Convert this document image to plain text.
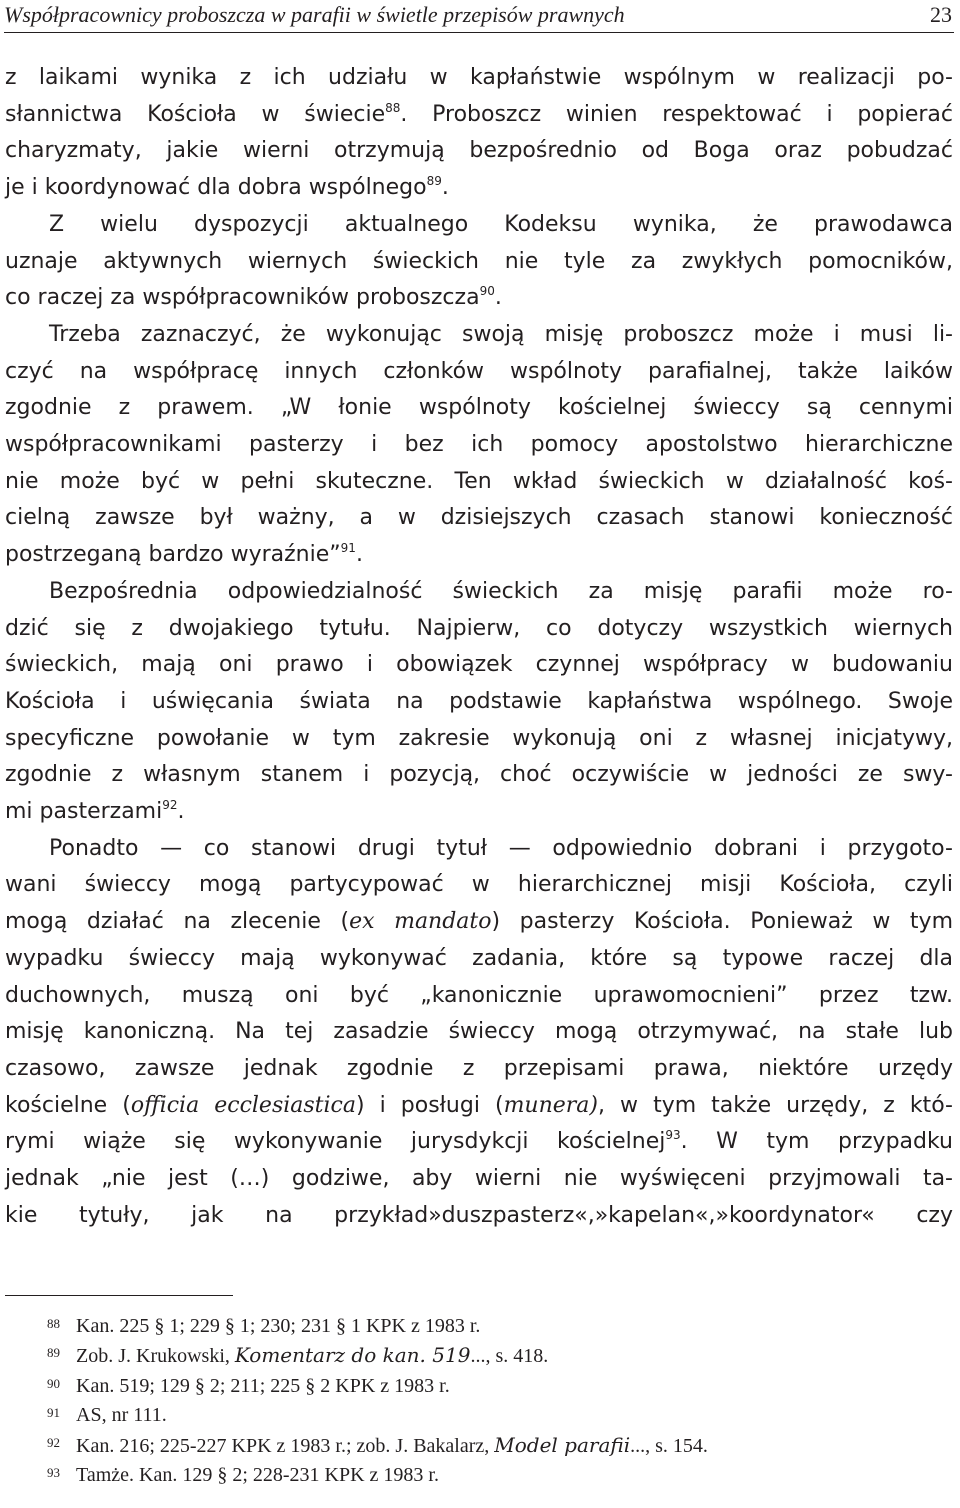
Współpracownicy proboszcza w parafii w świetle przepisów prawnych	23

z laikami wynika z ich udziału w kapłaństwie wspólnym w realizacji po-

słannictwa Kościoła w świecie$^{88}$. Proboszcz winien respektować i popierać

charyzmaty, jakie wierni otrzymują bezpośrednio od Boga oraz pobudzać

je i koordynować dla dobra wspólnego$^{89}$.

Z wielu dyspozycji aktualnego Kodeksu wynika, że prawodawca

uznaje aktywnych wiernych świeckich nie tyle za zwykłych pomocników,

co raczej za współpracowników proboszcza$^{90}$.

Trzeba zaznaczyć, że wykonując swoją misję proboszcz może i musi li-

czyć na współpracę innych członków wspólnoty parafialnej, także laików

zgodnie z prawem. „W łonie wspólnoty kościelnej świeccy są cennymi

współpracownikami pasterzy i bez ich pomocy apostolstwo hierarchiczne

nie może być w pełni skuteczne. Ten wkład świeckich w działalność koś-

cielną zawsze był ważny, a w dzisiejszych czasach stanowi konieczność

postrzeganą bardzo wyraźnie”$^{91}$.

Bezpośrednia odpowiedzialność świeckich za misję parafii może ro-

dzić się z dwojakiego tytułu. Najpierw, co dotyczy wszystkich wiernych

świeckich, mają oni prawo i obowiązek czynnej współpracy w budowaniu

Kościoła i uświęcania świata na podstawie kapłaństwa wspólnego. Swoje

specyficzne powołanie w tym zakresie wykonują oni z własnej inicjatywy,

zgodnie z własnym stanem i pozycją, choć oczywiście w jedności ze swy-

mi pasterzami$^{92}$.

Ponadto — co stanowi drugi tytuł — odpowiednio dobrani i przygoto-

wani świeccy mogą partycypować w hierarchicznej misji Kościoła, czyli

mogą działać na zlecenie (ex mandato) pasterzy Kościoła. Ponieważ w tym

wypadku świeccy mają wykonywać zadania, które są typowe raczej dla

duchownych, muszą oni być „kanonicznie uprawomocnieni” przez tzw.

misję kanoniczną. Na tej zasadzie świeccy mogą otrzymywać, na stałe lub

czasowo, zawsze jednak zgodnie z przepisami prawa, niektóre urzędy

kościelne (officia ecclesiastica) i posługi (munera), w tym także urzędy, z któ-

rymi wiąże się wykonywanie jurysdykcji kościelnej$^{93}$. W tym przypadku

jednak „nie jest (…) godziwe, aby wierni nie wyświęceni przyjmowali ta-

kie tytuły, jak na przykład»duszpasterz«,»kapelan«,»koordynator« czy

88 Kan. 225 § 1; 229 § 1; 230; 231 § 1 KPK z 1983 r.
89 Zob. J. Krukowski, Komentarz do kan. 519..., s. 418.
90 Kan. 519; 129 § 2; 211; 225 § 2 KPK z 1983 r.
91 AS, nr 111.
92 Kan. 216; 225-227 KPK z 1983 r.; zob. J. Bakalarz, Model parafii..., s. 154.
93 Tamże. Kan. 129 § 2; 228-231 KPK z 1983 r.
